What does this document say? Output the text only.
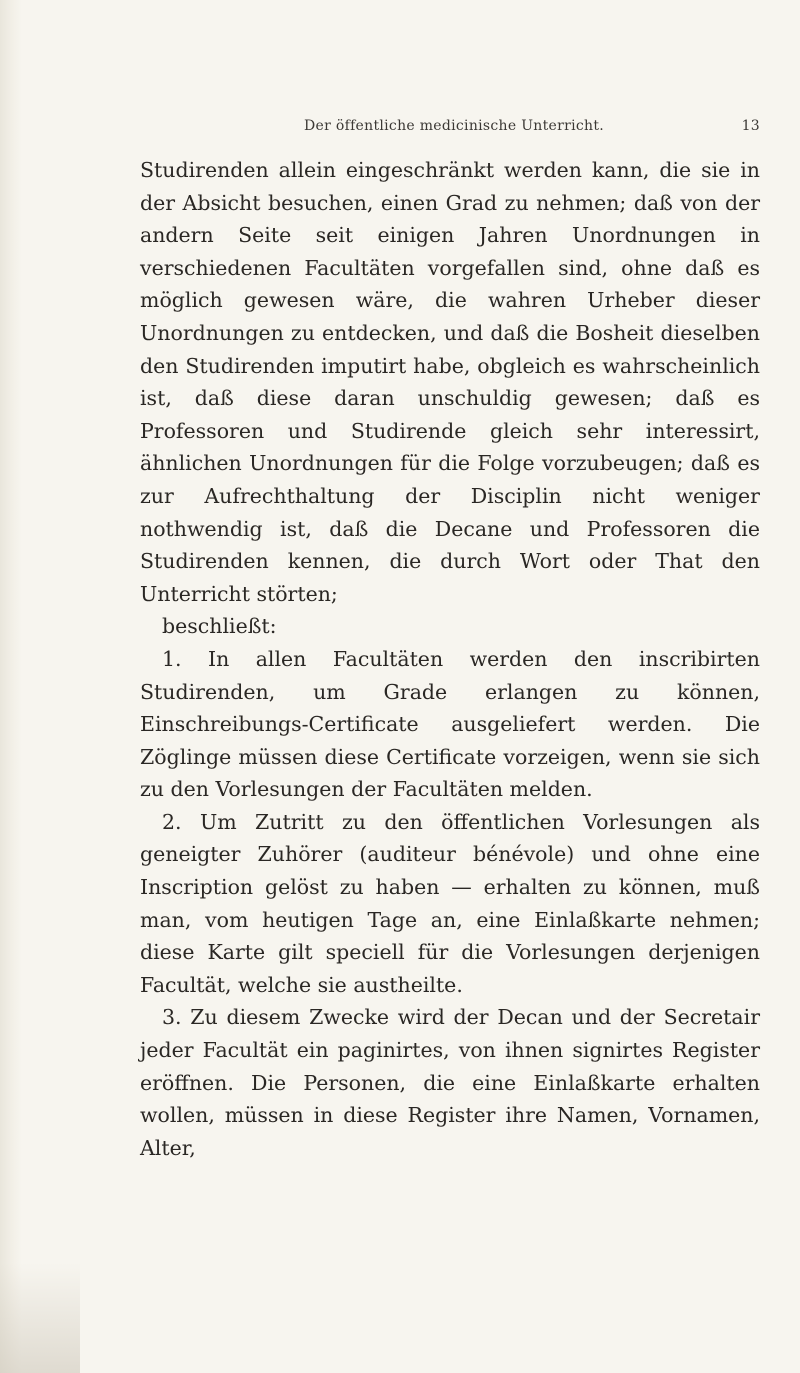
Der öffentliche medicinische Unterricht.	13

Studirenden allein eingeschränkt werden kann, die sie in der Absicht besuchen, einen Grad zu nehmen; daß von der andern Seite seit einigen Jahren Unordnungen in verschiedenen Facultäten vorgefallen sind, ohne daß es möglich gewesen wäre, die wahren Urheber dieser Unordnungen zu entdecken, und daß die Bosheit dieselben den Studirenden imputirt habe, obgleich es wahrscheinlich ist, daß diese daran unschuldig gewesen; daß es Professoren und Studirende gleich sehr interessirt, ähnlichen Unordnungen für die Folge vorzubeugen; daß es zur Aufrechthaltung der Disciplin nicht weniger nothwendig ist, daß die Decane und Professoren die Studirenden kennen, die durch Wort oder That den Unterricht störten;

beschließt:

1. In allen Facultäten werden den inscribirten Studirenden, um Grade erlangen zu können, Einschreibungs-Certificate ausgeliefert werden. Die Zöglinge müssen diese Certificate vorzeigen, wenn sie sich zu den Vorlesungen der Facultäten melden.

2. Um Zutritt zu den öffentlichen Vorlesungen als geneigter Zuhörer (auditeur bénévole) und ohne eine Inscription gelöst zu haben — erhalten zu können, muß man, vom heutigen Tage an, eine Einlaßkarte nehmen; diese Karte gilt speciell für die Vorlesungen derjenigen Facultät, welche sie austheilte.

3. Zu diesem Zwecke wird der Decan und der Secretair jeder Facultät ein paginirtes, von ihnen signirtes Register eröffnen. Die Personen, die eine Einlaßkarte erhalten wollen, müssen in diese Register ihre Namen, Vornamen, Alter,
